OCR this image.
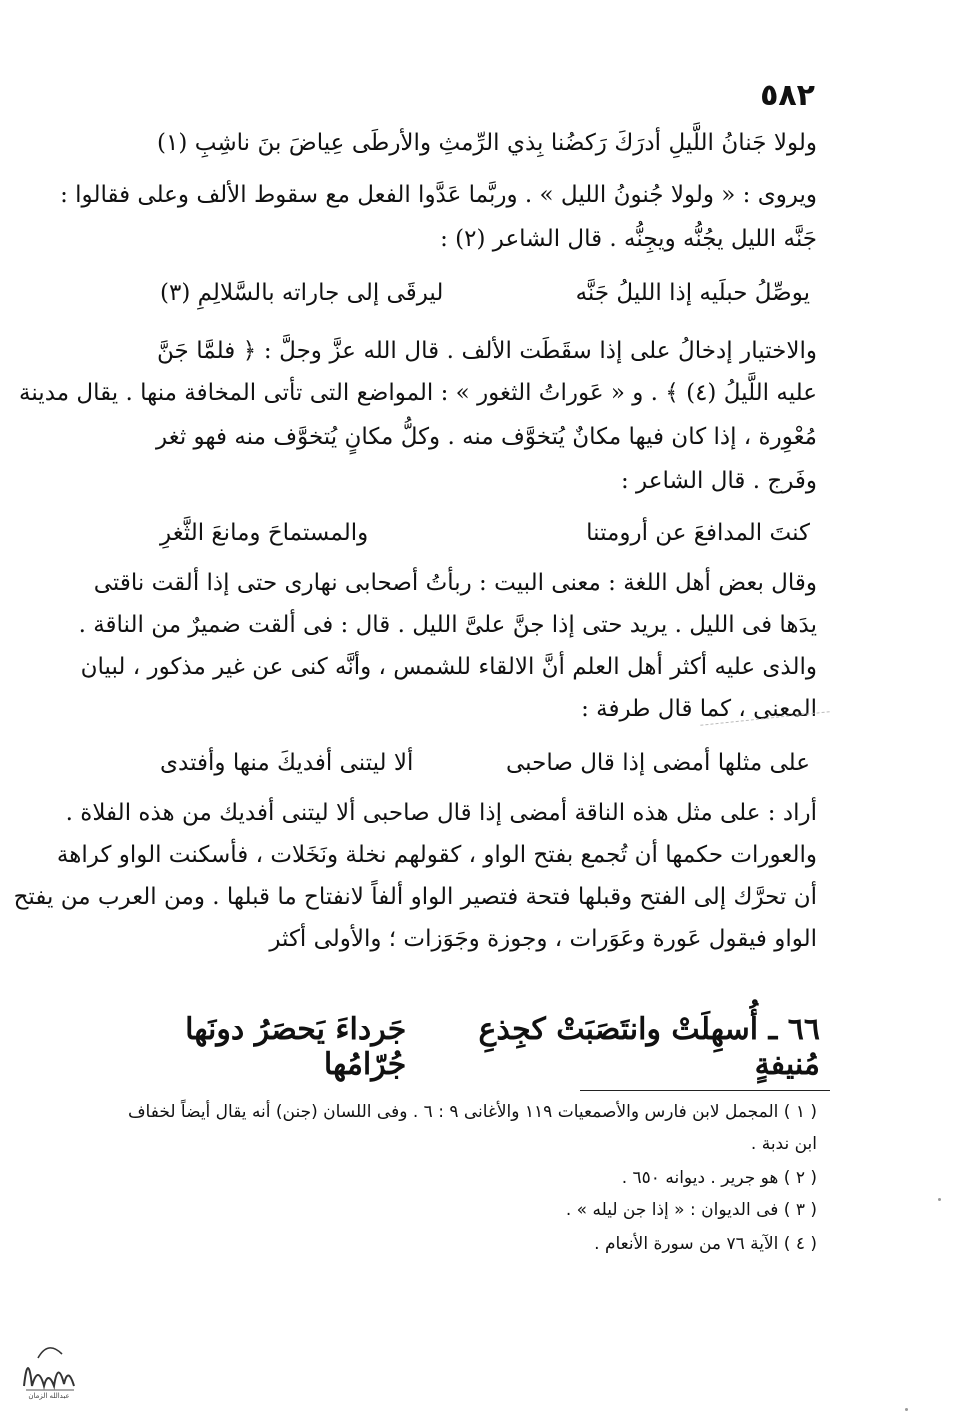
٥٨٢
ولولا جَنانُ اللَّيلِ أدرَكَ رَكضُنا بِذي الرِّمثِ والأرطَى عِياضَ بنَ ناشِبِ (١)
ويروى : « ولولا جُنونُ الليل » . وربَّما عَدَّوا الفعل مع سقوط الألف وعلى فقالوا :
جَنَّه الليل يجُنُّه ويجِنُّه . قال الشاعر (٢) :
يوصِّلُ حبلَيه إذا الليلُ جَنَّه
ليرقَى إلى جاراته بالسَّلالِمِ (٣)
والاختيار إدخالُ على إذا سقَطَت الألف . قال الله عزَّ وجلَّ : ﴿ فلمَّا جَنَّ
عليه اللَّيلُ (٤) ﴾ . و « عَوراتُ الثغور » : المواضع التى تأتى المخافة منها . يقال مدينة
مُعْوِرة ، إذا كان فيها مكانٌ يُتخوَّف منه . وكلُّ مكانٍ يُتخوَّف منه فهو ثغر
وفَرج . قال الشاعر :
كنتَ المدافعَ عن أرومتنا
والمستماحَ ومانعَ الثَّغرِ
وقال بعض أهل اللغة : معنى البيت : ربأتُ أصحابى نهارى حتى إذا ألقت ناقتى
يدَها فى الليل . يريد حتى إذا جنَّ علىَّ الليل . قال : فى ألقت ضميرٌ من الناقة .
والذى عليه أكثر أهل العلم أنَّ الالقاء للشمس ، وأنَّه كنى عن غير مذكور ، لبيان
المعنى ، كما قال طرفة :
على مثلها أمضى إذا قال صاحبى
ألا ليتنى أفديكَ منها وأفتدى
أراد : على مثل هذه الناقة أمضى إذا قال صاحبى ألا ليتنى أفديك من هذه الفلاة .
والعورات حكمها أن تُجمع بفتح الواو ، كقولهم نخلة ونَخَلات ، فأسكنت الواو كراهة
أن تحرَّك إلى الفتح وقبلها فتحة فتصير الواو ألفاً لانفتاح ما قبلها . ومن العرب من يفتح
الواو فيقول عَورة وعَوَرات ، وجوزة وجَوَزات ؛ والأولى أكثر
٦٦ ـ أُسهِلَتْ وانتَصَبَتْ كجِذعِ مُنيفةٍ
جَرداءَ يَحصَرُ دونَها جُرّامُها
( ١ ) المجمل لابن فارس والأصمعيات ١١٩ والأغانى ٩ : ٦ . وفى اللسان (جنن) أنه يقال أيضاً لخفاف
ابن ندبة .
( ٢ ) هو جرير . ديوانه ٦٥٠ .
( ٣ ) فى الديوان : « إذا جن ليله » .
( ٤ ) الآية ٧٦ من سورة الأنعام .
عبدالله الزمان
